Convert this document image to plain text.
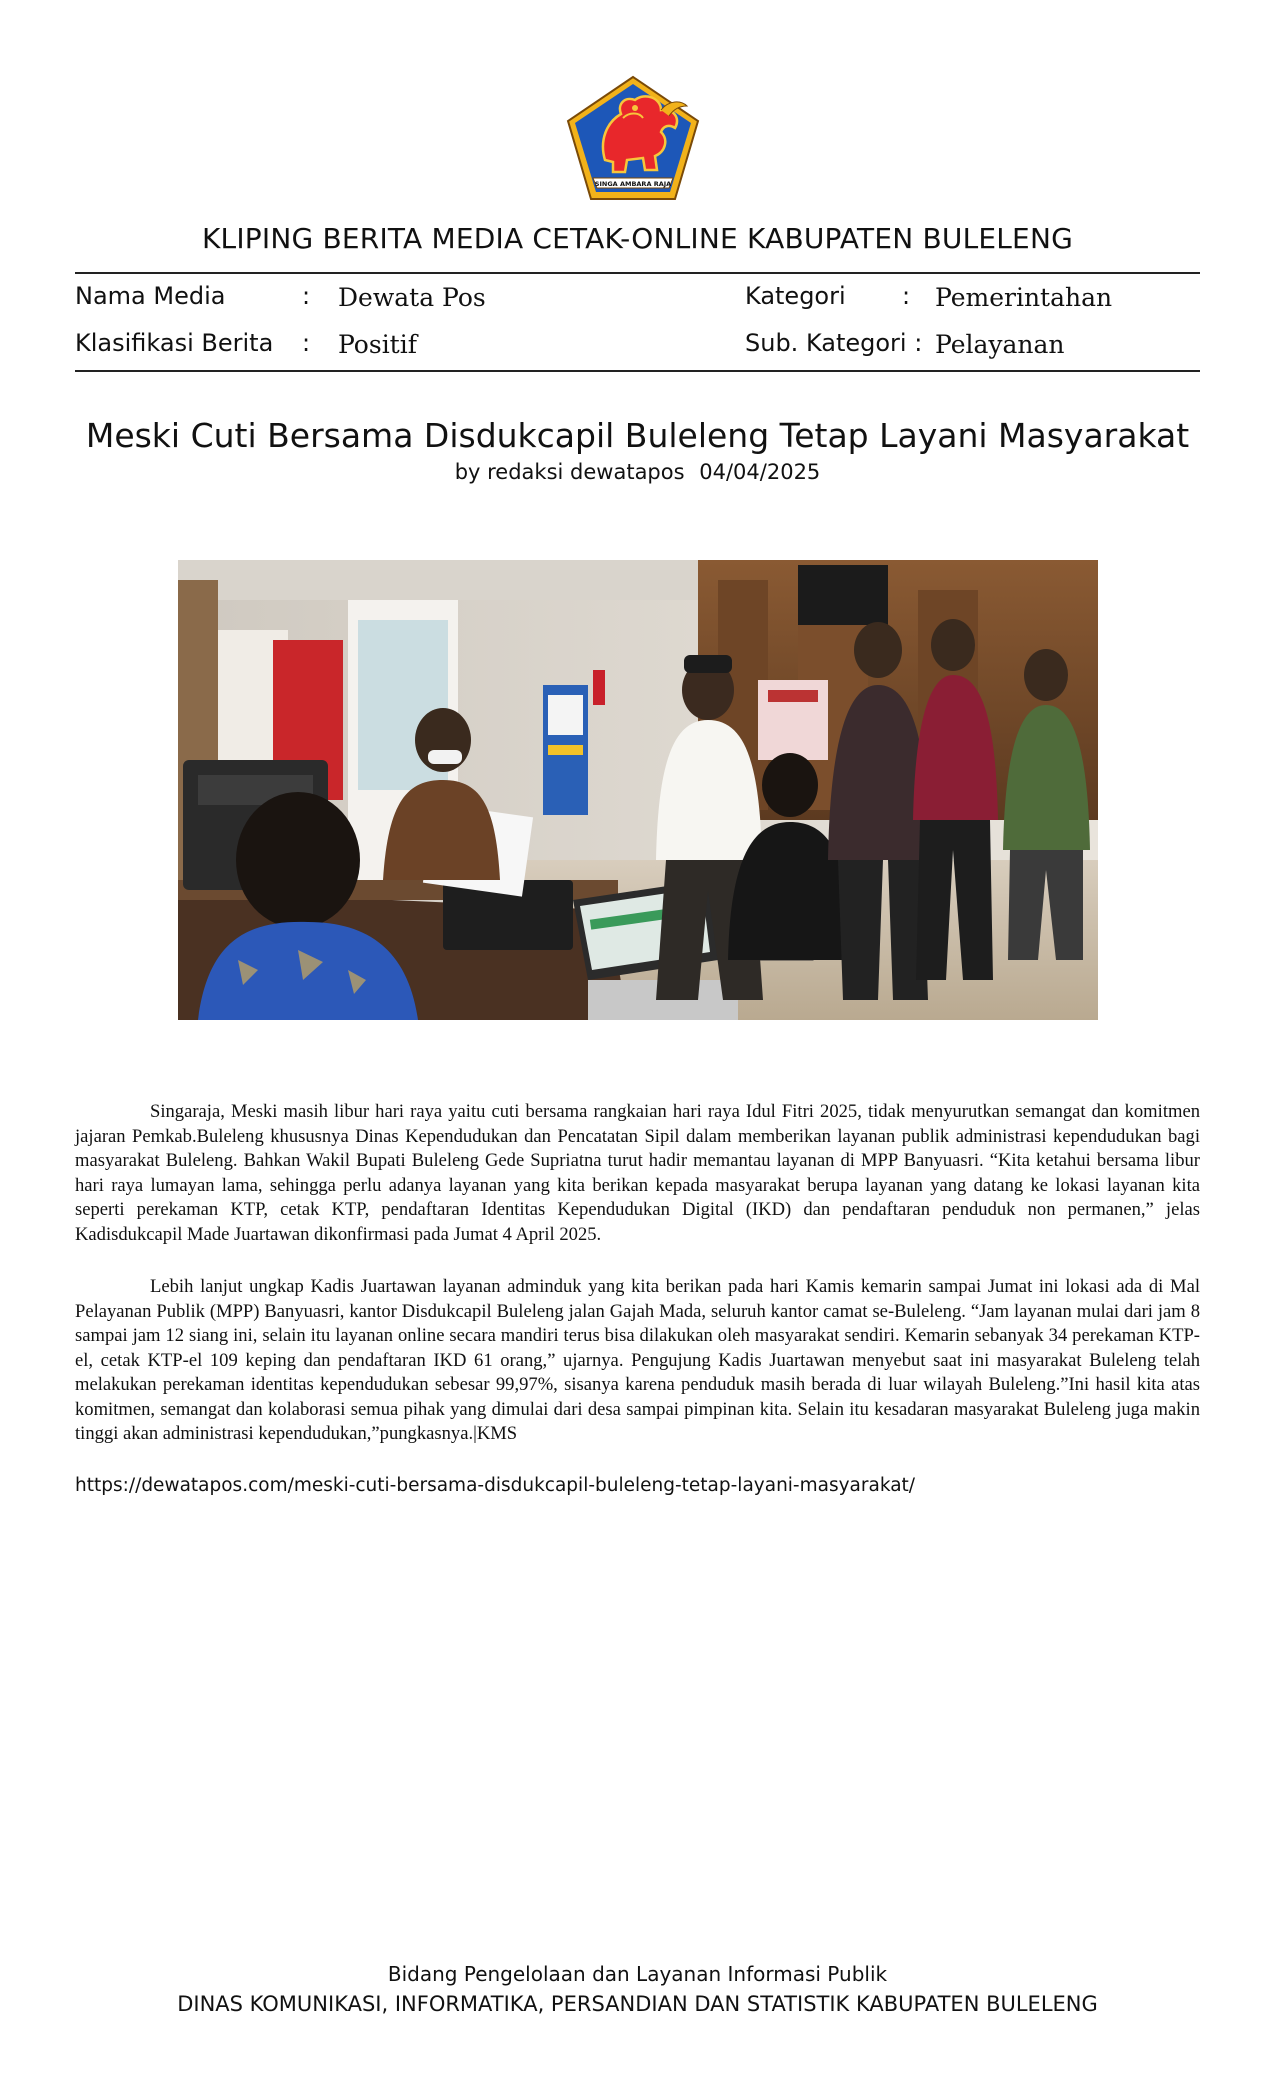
SINGA AMBARA RAJA
KLIPING BERITA MEDIA CETAK-ONLINE KABUPATEN BULELENG
Nama Media	: Dewata Pos	Kategori : Pemerintahan
Klasifikasi Berita : Positif	Sub. Kategori : Pelayanan
Meski Cuti Bersama Disdukcapil Buleleng Tetap Layani Masyarakat
by redaksi dewatapos 04/04/2025
Singaraja, Meski masih libur hari raya yaitu cuti bersama rangkaian hari raya Idul Fitri 2025, tidak menyurutkan semangat dan komitmen jajaran Pemkab.Buleleng khususnya Dinas Kependudukan dan Pencatatan Sipil dalam memberikan layanan publik administrasi kependudukan bagi masyarakat Buleleng. Bahkan Wakil Bupati Buleleng Gede Supriatna turut hadir memantau layanan di MPP Banyuasri. “Kita ketahui bersama libur hari raya lumayan lama, sehingga perlu adanya layanan yang kita berikan kepada masyarakat berupa layanan yang datang ke lokasi layanan kita seperti perekaman KTP, cetak KTP, pendaftaran Identitas Kependudukan Digital (IKD) dan pendaftaran penduduk non permanen,” jelas Kadisdukcapil Made Juartawan dikonfirmasi pada Jumat 4 April 2025.
Lebih lanjut ungkap Kadis Juartawan layanan adminduk yang kita berikan pada hari Kamis kemarin sampai Jumat ini lokasi ada di Mal Pelayanan Publik (MPP) Banyuasri, kantor Disdukcapil Buleleng jalan Gajah Mada, seluruh kantor camat se-Buleleng. “Jam layanan mulai dari jam 8 sampai jam 12 siang ini, selain itu layanan online secara mandiri terus bisa dilakukan oleh masyarakat sendiri. Kemarin sebanyak 34 perekaman KTP-el, cetak KTP-el 109 keping dan pendaftaran IKD 61 orang,” ujarnya. Pengujung Kadis Juartawan menyebut saat ini masyarakat Buleleng telah melakukan perekaman identitas kependudukan sebesar 99,97%, sisanya karena penduduk masih berada di luar wilayah Buleleng.”Ini hasil kita atas komitmen, semangat dan kolaborasi semua pihak yang dimulai dari desa sampai pimpinan kita. Selain itu kesadaran masyarakat Buleleng juga makin tinggi akan administrasi kependudukan,”pungkasnya.|KMS
https://dewatapos.com/meski-cuti-bersama-disdukcapil-buleleng-tetap-layani-masyarakat/
Bidang Pengelolaan dan Layanan Informasi Publik
DINAS KOMUNIKASI, INFORMATIKA, PERSANDIAN DAN STATISTIK KABUPATEN BULELENG
